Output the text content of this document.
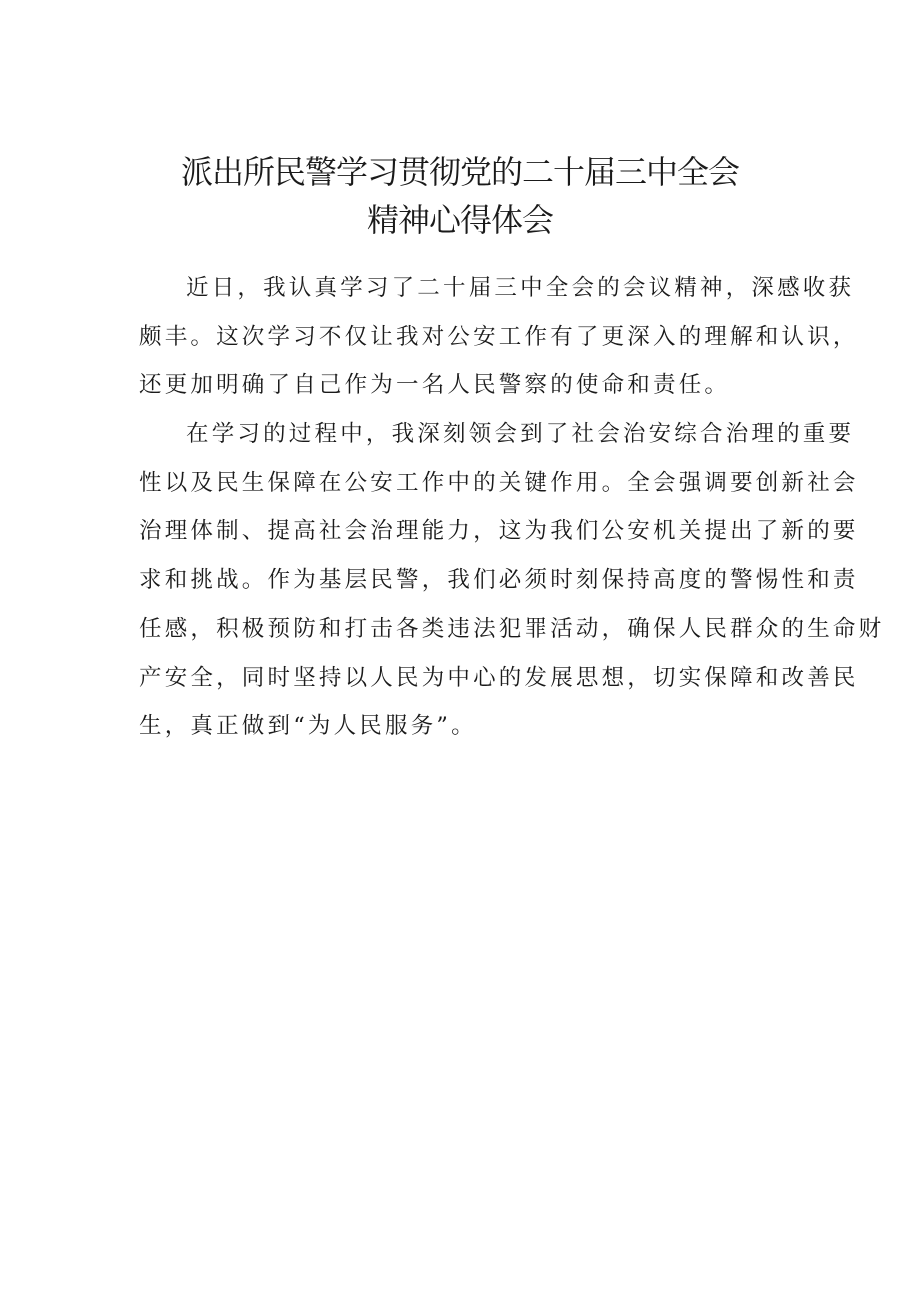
派出所民警学习贯彻党的二十届三中全会
精神心得体会
近日，我认真学习了二十届三中全会的会议精神，深感收获
颇丰。这次学习不仅让我对公安工作有了更深入的理解和认识，
还更加明确了自己作为一名人民警察的使命和责任。
在学习的过程中，我深刻领会到了社会治安综合治理的重要
性以及民生保障在公安工作中的关键作用。全会强调要创新社会
治理体制、提高社会治理能力，这为我们公安机关提出了新的要
求和挑战。作为基层民警，我们必须时刻保持高度的警惕性和责
任感，积极预防和打击各类违法犯罪活动，确保人民群众的生命财
产安全，同时坚持以人民为中心的发展思想，切实保障和改善民
生，真正做到“为人民服务”。
